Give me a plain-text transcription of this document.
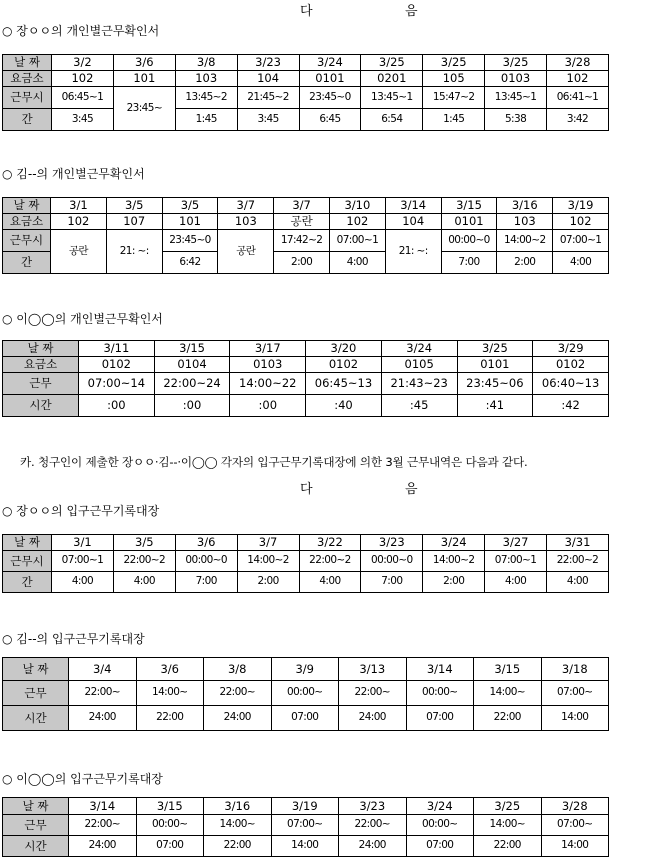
다	음
○ 장ㅇㅇ의 개인별근무확인서
날 짜	3/2	3/6	3/8	3/23	3/24	3/25	3/25	3/25	3/28
요금소	102	101	103	104	0101	0201	105	0103	102
근무시	06:45~1	23:45~	13:45~2	21:45~2	23:45~0	13:45~1	15:47~2	13:45~1	06:41~1
간	3:45		1:45	3:45	6:45	6:54	1:45	5:38	3:42
○ 김--의 개인별근무확인서
날 짜	3/1	3/5	3/5	3/7	3/7	3/10	3/14	3/15	3/16	3/19
요금소	102	107	101	103	공란	102	104	0101	103	102
근무시	공란	21: ~:	23:45~0	공란	17:42~2	07:00~1	21: ~:	00:00~0	14:00~2	07:00~1
간			6:42		2:00	4:00		7:00	2:00	4:00
○ 이◯◯의 개인별근무확인서
날 짜	3/11	3/15	3/17	3/20	3/24	3/25	3/29
요금소	0102	0104	0103	0102	0105	0101	0102
근무	07:00~14	22:00~24	14:00~22	06:45~13	21:43~23	23:45~06	06:40~13
시간	:00	:00	:00	:40	:45	:41	:42
카. 청구인이 제출한 장ㅇㅇ·김--·이◯◯ 각자의 입구근무기록대장에 의한 3월 근무내역은 다음과 같다.
다	음
○ 장ㅇㅇ의 입구근무기록대장
날 짜	3/1	3/5	3/6	3/7	3/22	3/23	3/24	3/27	3/31
근무시	07:00~1	22:00~2	00:00~0	14:00~2	22:00~2	00:00~0	14:00~2	07:00~1	22:00~2
간	4:00	4:00	7:00	2:00	4:00	7:00	2:00	4:00	4:00
○ 김--의 입구근무기록대장
날 짜	3/4	3/6	3/8	3/9	3/13	3/14	3/15	3/18
근무	22:00~	14:00~	22:00~	00:00~	22:00~	00:00~	14:00~	07:00~
시간	24:00	22:00	24:00	07:00	24:00	07:00	22:00	14:00
○ 이◯◯의 입구근무기록대장
날 짜	3/14	3/15	3/16	3/19	3/23	3/24	3/25	3/28
근무	22:00~	00:00~	14:00~	07:00~	22:00~	00:00~	14:00~	07:00~
시간	24:00	07:00	22:00	14:00	24:00	07:00	22:00	14:00
